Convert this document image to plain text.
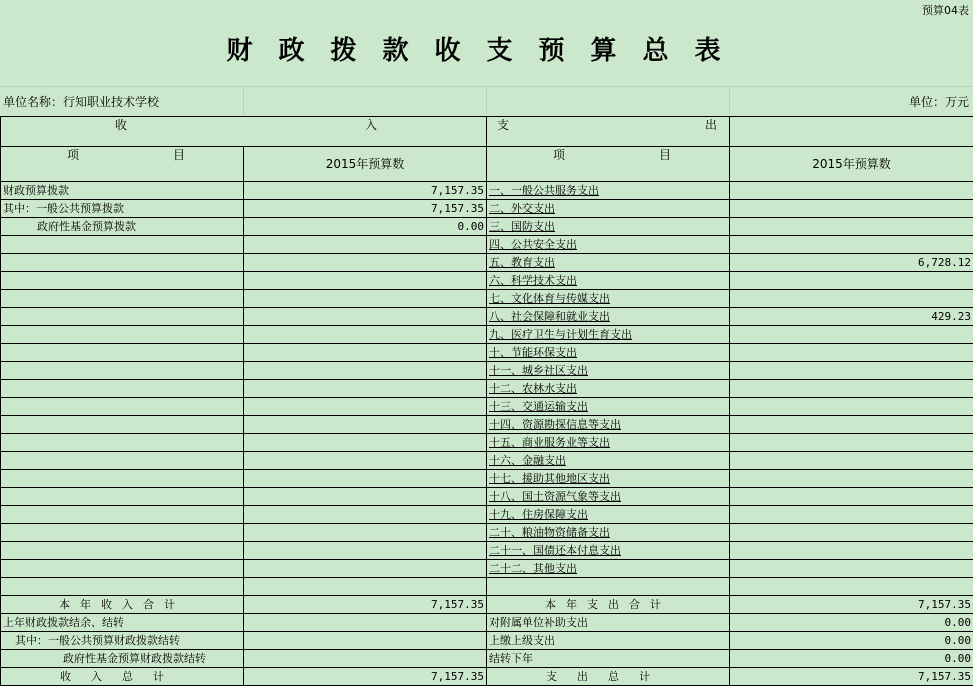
预算04表
财政拨款收支预算总表
单位名称：行知职业技术学校	单位：万元
收 入		支 出	

项 目	2015年预算数	项 目	2015年预算数
财政预算拨款	7,157.35	一、一般公共服务支出	
其中：一般公共预算拨款	7,157.35	二、外交支出	
政府性基金预算拨款	0.00	三、国防支出	
		四、公共安全支出	
		五、教育支出	6,728.12
		六、科学技术支出	
		七、文化体育与传媒支出	
		八、社会保障和就业支出	429.23
		九、医疗卫生与计划生育支出	
		十、节能环保支出	
		十一、城乡社区支出	
		十二、农林水支出	
		十三、交通运输支出	
		十四、资源勘探信息等支出	
		十五、商业服务业等支出	
		十六、金融支出	
		十七、援助其他地区支出	
		十八、国土资源气象等支出	
		十九、住房保障支出	
		二十、粮油物资储备支出	
		二十一、国债还本付息支出	
		二十二、其他支出	

本年收入合计	7,157.35	本年支出合计	7,157.35
上年财政拨款结余、结转		对附属单位补助支出	0.00
其中：一般公共预算财政拨款结转		上缴上级支出	0.00
政府性基金预算财政拨款结转		结转下年	0.00
收入总计	7,157.35	支出总计	7,157.35
